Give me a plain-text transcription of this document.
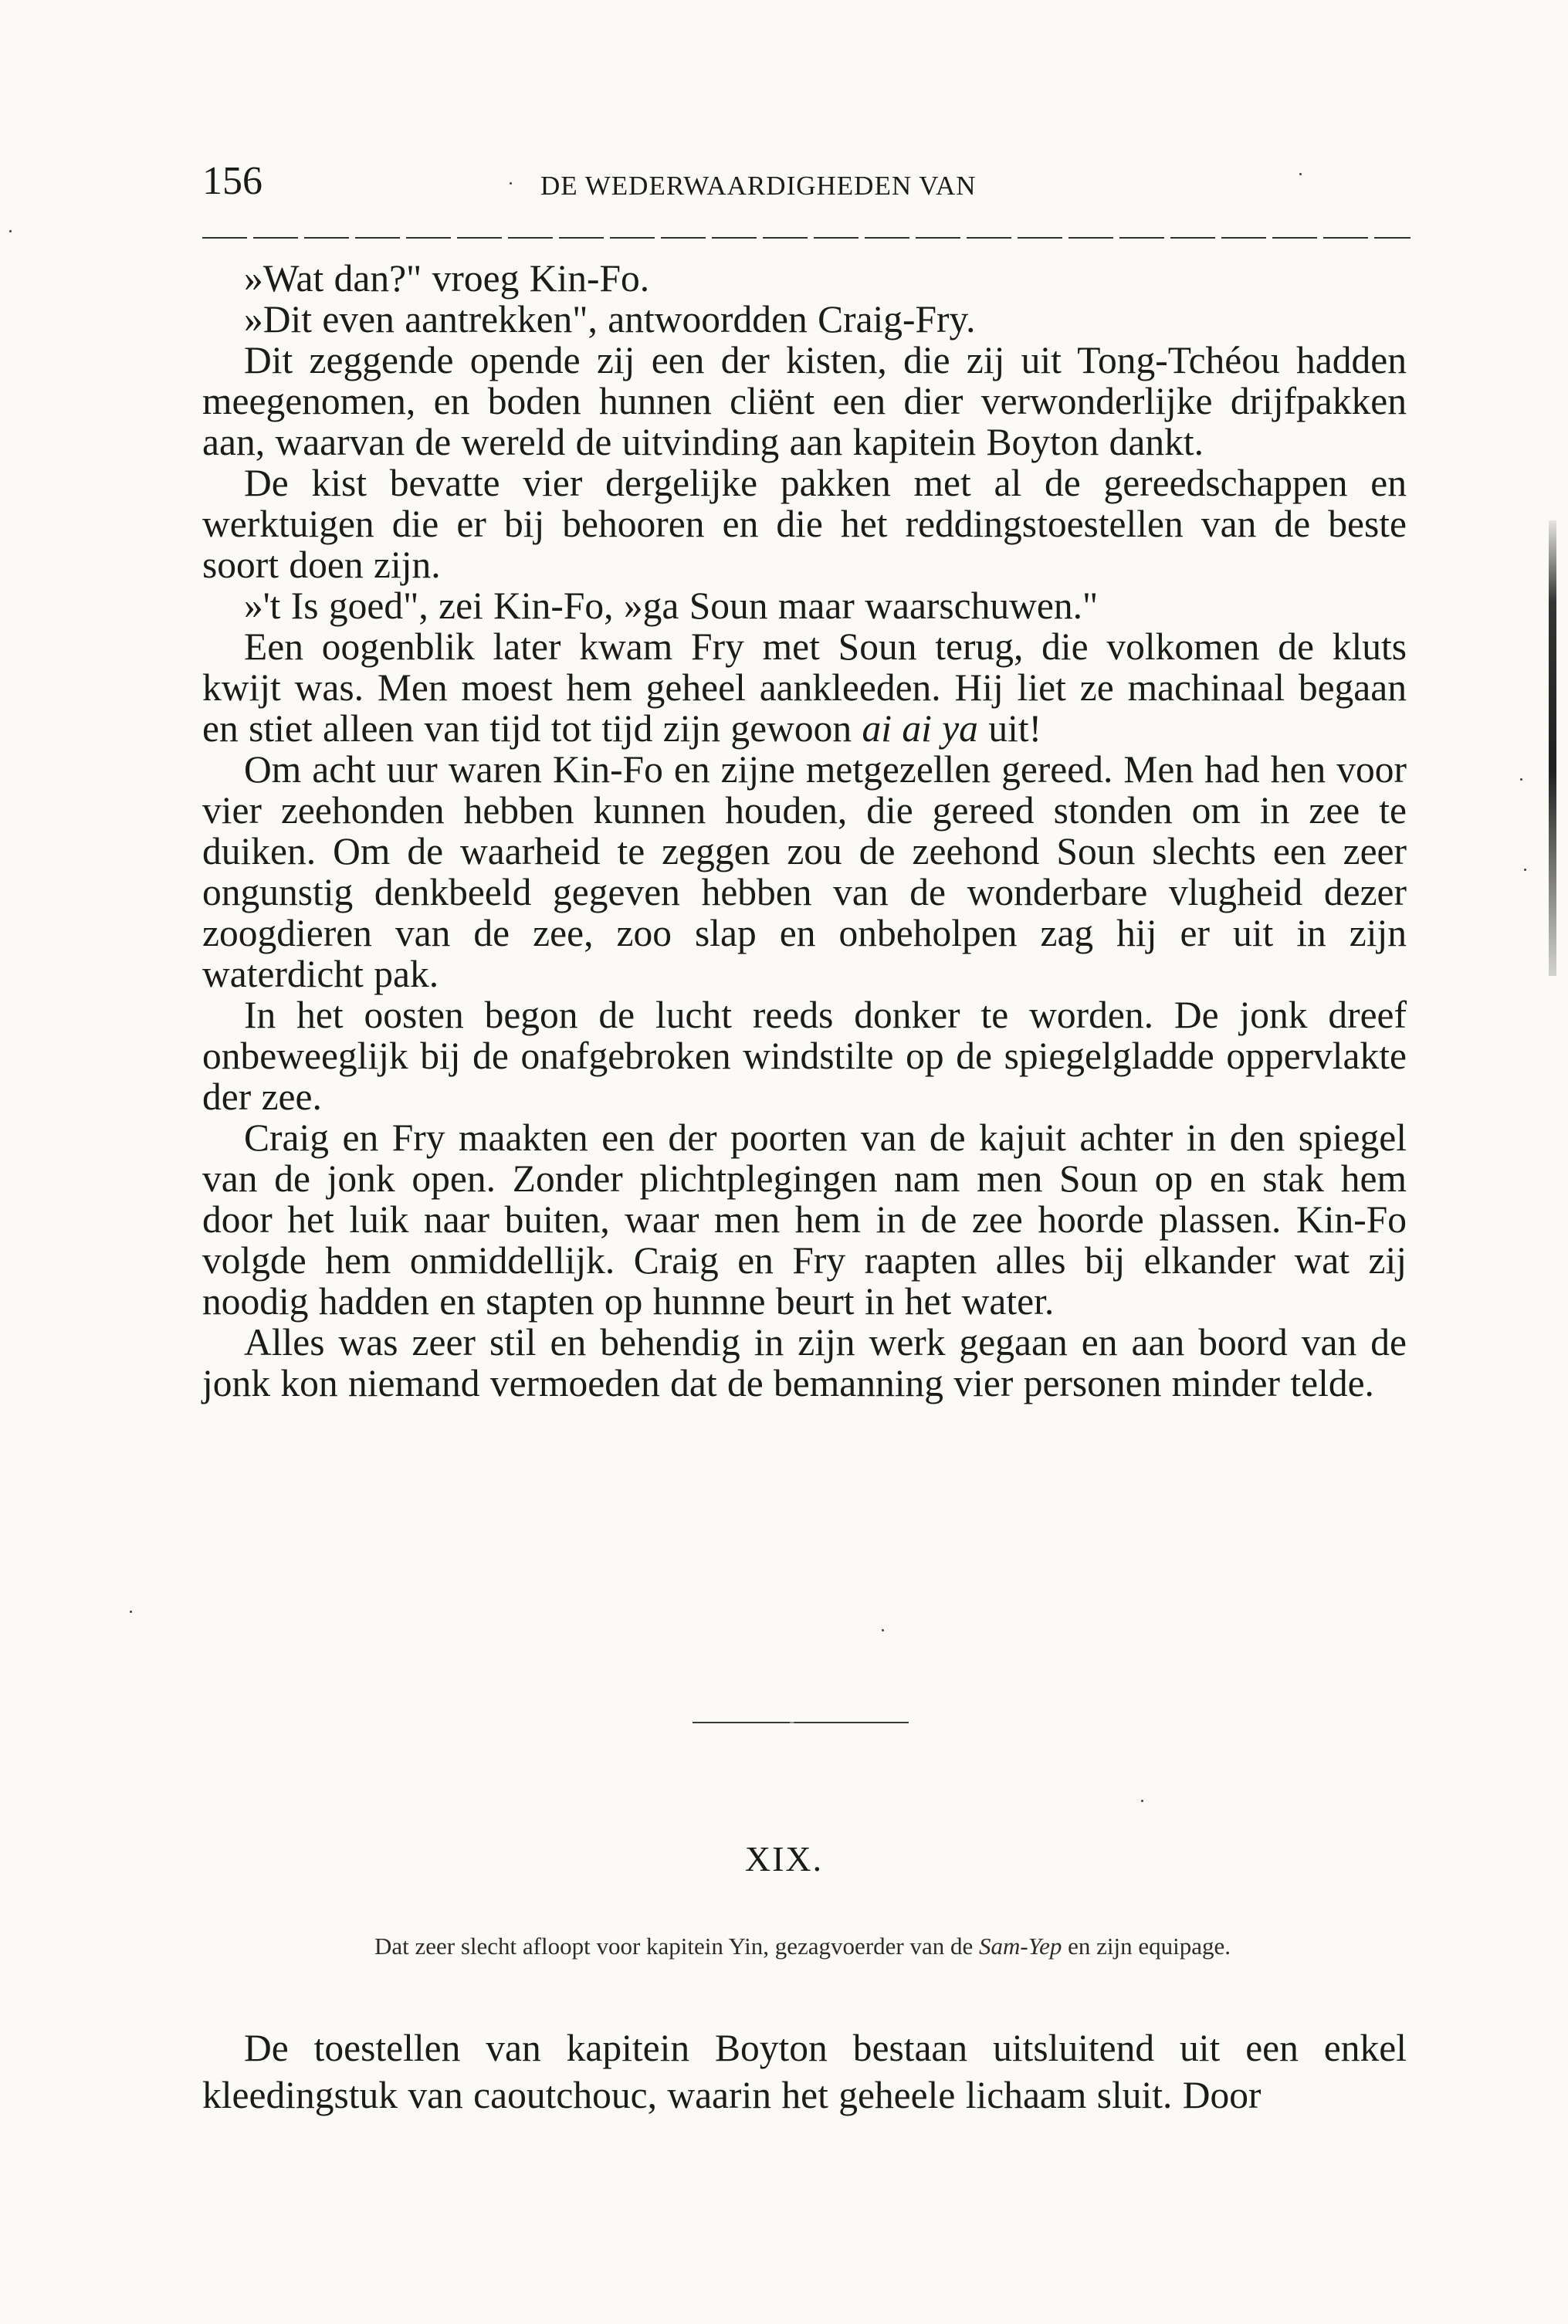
156	DE WEDERWAARDIGHEDEN VAN

»Wat dan?" vroeg Kin-Fo.

»Dit even aantrekken", antwoordden Craig-Fry.

Dit zeggende opende zij een der kisten, die zij uit Tong-Tchéou hadden meegenomen, en boden hunnen cliënt een dier verwonderlijke drijfpakken aan, waarvan de wereld de uitvinding aan kapitein Boyton dankt.

De kist bevatte vier dergelijke pakken met al de gereedschappen en werktuigen die er bij behooren en die het reddingstoestellen van de beste soort doen zijn.

»'t Is goed", zei Kin-Fo, »ga Soun maar waarschuwen."

Een oogenblik later kwam Fry met Soun terug, die volkomen de kluts kwijt was. Men moest hem geheel aankleeden. Hij liet ze machinaal begaan en stiet alleen van tijd tot tijd zijn gewoon ai ai ya uit!

Om acht uur waren Kin-Fo en zijne metgezellen gereed. Men had hen voor vier zeehonden hebben kunnen houden, die gereed stonden om in zee te duiken. Om de waarheid te zeggen zou de zeehond Soun slechts een zeer ongunstig denkbeeld gegeven hebben van de wonderbare vlugheid dezer zoogdieren van de zee, zoo slap en onbeholpen zag hij er uit in zijn waterdicht pak.

In het oosten begon de lucht reeds donker te worden. De jonk dreef onbeweeglijk bij de onafgebroken windstilte op de spiegelgladde oppervlakte der zee.

Craig en Fry maakten een der poorten van de kajuit achter in den spiegel van de jonk open. Zonder plichtplegingen nam men Soun op en stak hem door het luik naar buiten, waar men hem in de zee hoorde plassen. Kin-Fo volgde hem onmiddellijk. Craig en Fry raapten alles bij elkander wat zij noodig hadden en stapten op hunnne beurt in het water.

Alles was zeer stil en behendig in zijn werk gegaan en aan boord van de jonk kon niemand vermoeden dat de bemanning vier personen minder telde.

XIX.
Dat zeer slecht afloopt voor kapitein Yin, gezagvoerder van de Sam-Yep en zijn equipage.

De toestellen van kapitein Boyton bestaan uitsluitend uit een enkel kleedingstuk van caoutchouc, waarin het geheele lichaam sluit. Door
